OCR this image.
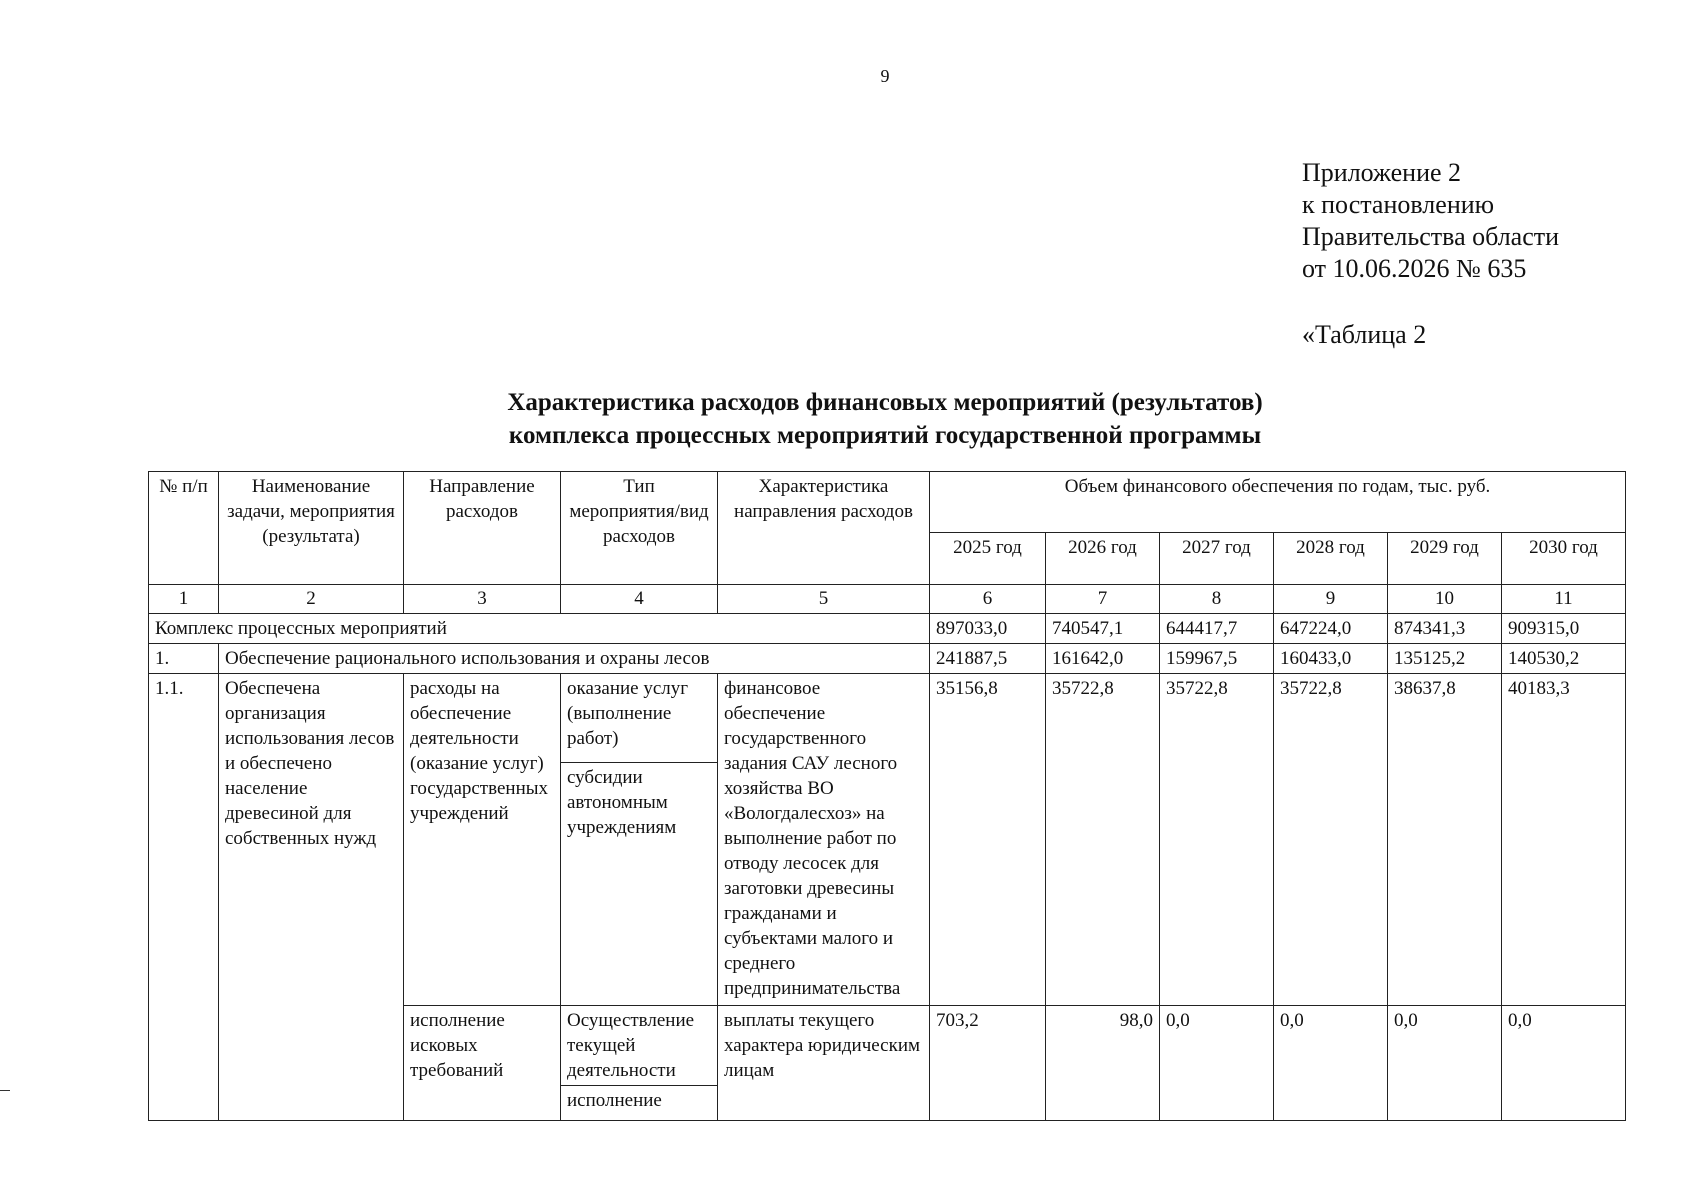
9
Приложение 2
к постановлению
Правительства области
от 10.06.2026 № 635
«Таблица 2
Характеристика расходов финансовых мероприятий (результатов)
комплекса процессных мероприятий государственной программы
№ п/п	Наименование задачи, мероприятия (результата)	Направление расходов	Тип мероприятия/вид расходов	Характеристика направления расходов	Объем финансового обеспечения по годам, тыс. руб.					
					2025 год	2026 год	2027 год	2028 год	2029 год	2030 год
1	2	3	4	5	6	7	8	9	10	11
Комплекс процессных мероприятий					897033,0	740547,1	644417,7	647224,0	874341,3	909315,0
1.	Обеспечение рационального использования и охраны лесов				241887,5	161642,0	159967,5	160433,0	135125,2	140530,2
1.1.	Обеспечена организация использования лесов и обеспечено население древесиной для собственных нужд	расходы на обеспечение деятельности (оказание услуг) государственных учреждений	оказание услуг (выполнение работ)	финансовое обеспечение государственного задания САУ лесного хозяйства ВО «Вологдалесхоз» на выполнение работ по отводу лесосек для заготовки древесины гражданами и субъектами малого и среднего предпринимательства	35156,8	35722,8	35722,8	35722,8	38637,8	40183,3
			субсидии автономным учреждениям							
		исполнение исковых требований	Осуществление текущей деятельности	выплаты текущего характера юридическим лицам	703,2	98,0	0,0	0,0	0,0	0,0
			исполнение							
